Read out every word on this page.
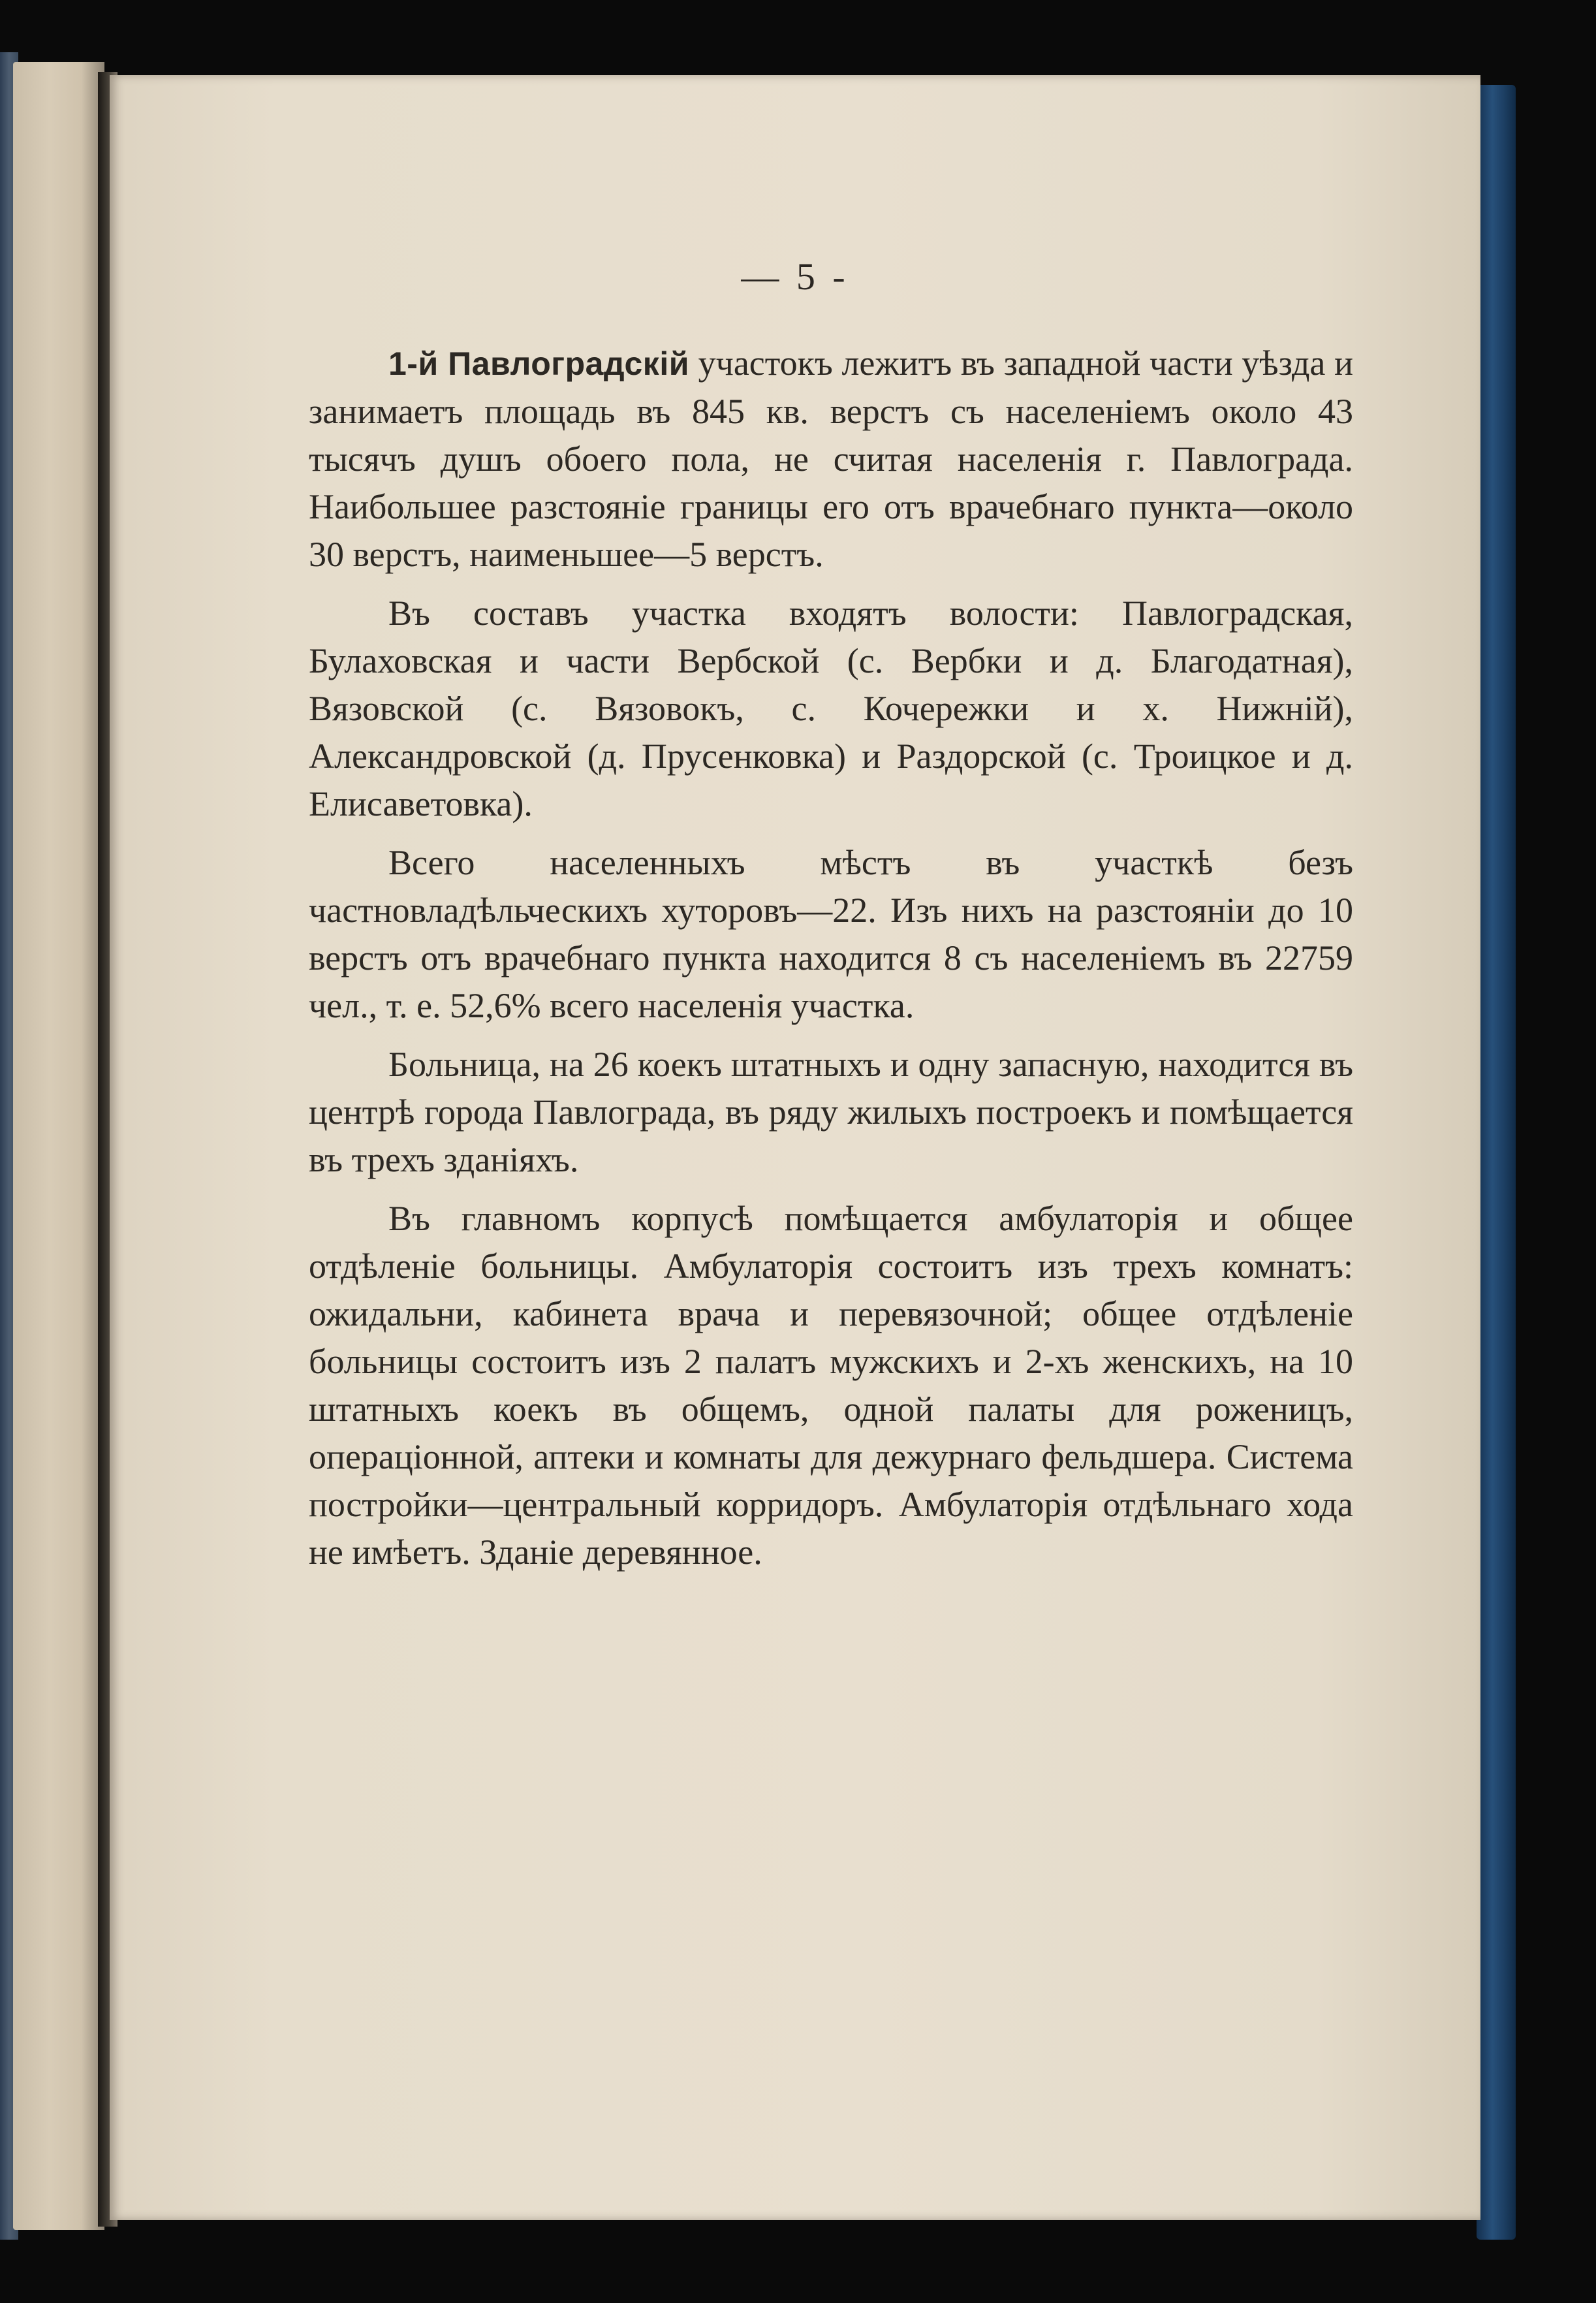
— 5 -

1-й Павлоградскій участокъ лежитъ въ западной части уѣзда и занимаетъ площадь въ 845 кв. верстъ съ населеніемъ около 43 тысячъ душъ обоего пола, не считая населенія г. Павлограда. Наибольшее разстояніе границы его отъ врачебнаго пункта—около 30 верстъ, наименьшее—5 верстъ.

Въ составъ участка входятъ волости: Павлоградская, Булаховская и части Вербской (с. Вербки и д. Благодатная), Вязовской (с. Вязовокъ, с. Кочережки и х. Нижній), Александровской (д. Прусенковка) и Раздорской (с. Троицкое и д. Елисаветовка).

Всего населенныхъ мѣстъ въ участкѣ безъ частновладѣльческихъ хуторовъ—22. Изъ нихъ на разстояніи до 10 верстъ отъ врачебнаго пункта находится 8 съ населеніемъ въ 22759 чел., т. е. 52,6% всего населенія участка.

Больница, на 26 коекъ штатныхъ и одну запасную, находится въ центрѣ города Павлограда, въ ряду жилыхъ построекъ и помѣщается въ трехъ зданіяхъ.

Въ главномъ корпусѣ помѣщается амбулаторія и общее отдѣленіе больницы. Амбулаторія состоитъ изъ трехъ комнатъ: ожидальни, кабинета врача и перевязочной; общее отдѣленіе больницы состоитъ изъ 2 палатъ мужскихъ и 2-хъ женскихъ, на 10 штатныхъ коекъ въ общемъ, одной палаты для роженицъ, операціонной, аптеки и комнаты для дежурнаго фельдшера. Система постройки—центральный корридоръ. Амбулаторія отдѣльнаго хода не имѣетъ. Зданіе деревянное.
